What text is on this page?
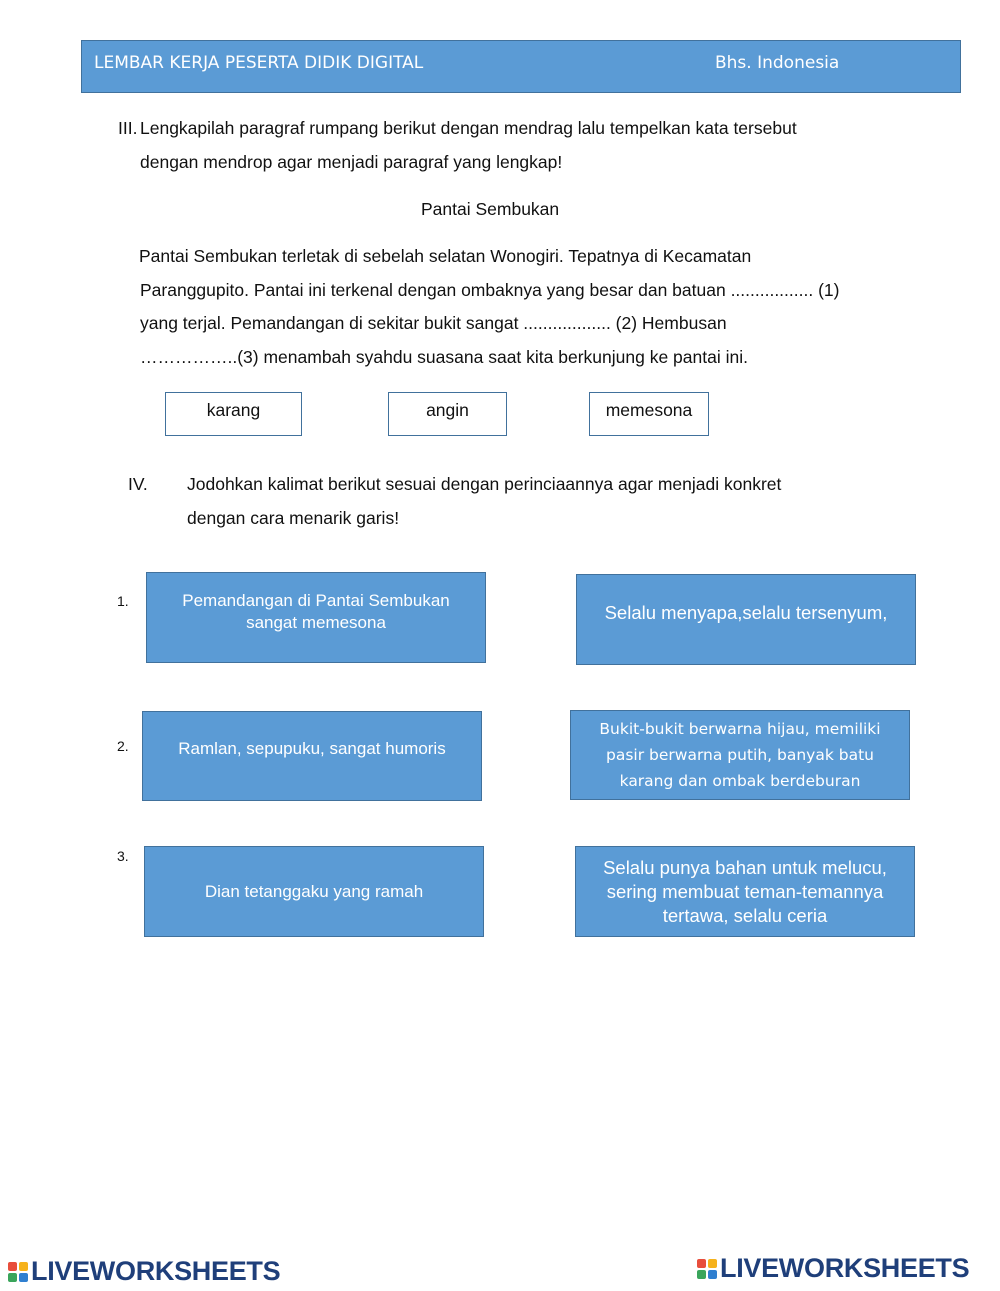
LEMBAR KERJA PESERTA DIDIK DIGITAL	Bhs. Indonesia
III. Lengkapilah paragraf rumpang berikut dengan mendrag lalu tempelkan kata tersebut
dengan mendrop agar menjadi paragraf yang lengkap!
Pantai Sembukan
Pantai Sembukan terletak di sebelah selatan Wonogiri. Tepatnya di Kecamatan
Paranggupito. Pantai ini terkenal dengan ombaknya yang besar dan batuan ................. (1)
yang terjal. Pemandangan di sekitar bukit sangat .................. (2) Hembusan
……………..(3) menambah syahdu suasana saat kita berkunjung ke pantai ini.
karang	angin	memesona
IV. Jodohkan kalimat berikut sesuai dengan perinciaannya agar menjadi konkret
dengan cara menarik garis!
1.
2.
3.
Pemandangan di Pantai Sembukan
sangat memesona
Ramlan, sepupuku, sangat humoris
Dian tetanggaku yang ramah
Selalu menyapa,selalu tersenyum,
Bukit-bukit berwarna hijau, memiliki
pasir berwarna putih, banyak batu
karang dan ombak berdeburan
Selalu punya bahan untuk melucu,
sering membuat teman-temannya
tertawa, selalu ceria
LIVEWORKSHEETS	LIVEWORKSHEETS
